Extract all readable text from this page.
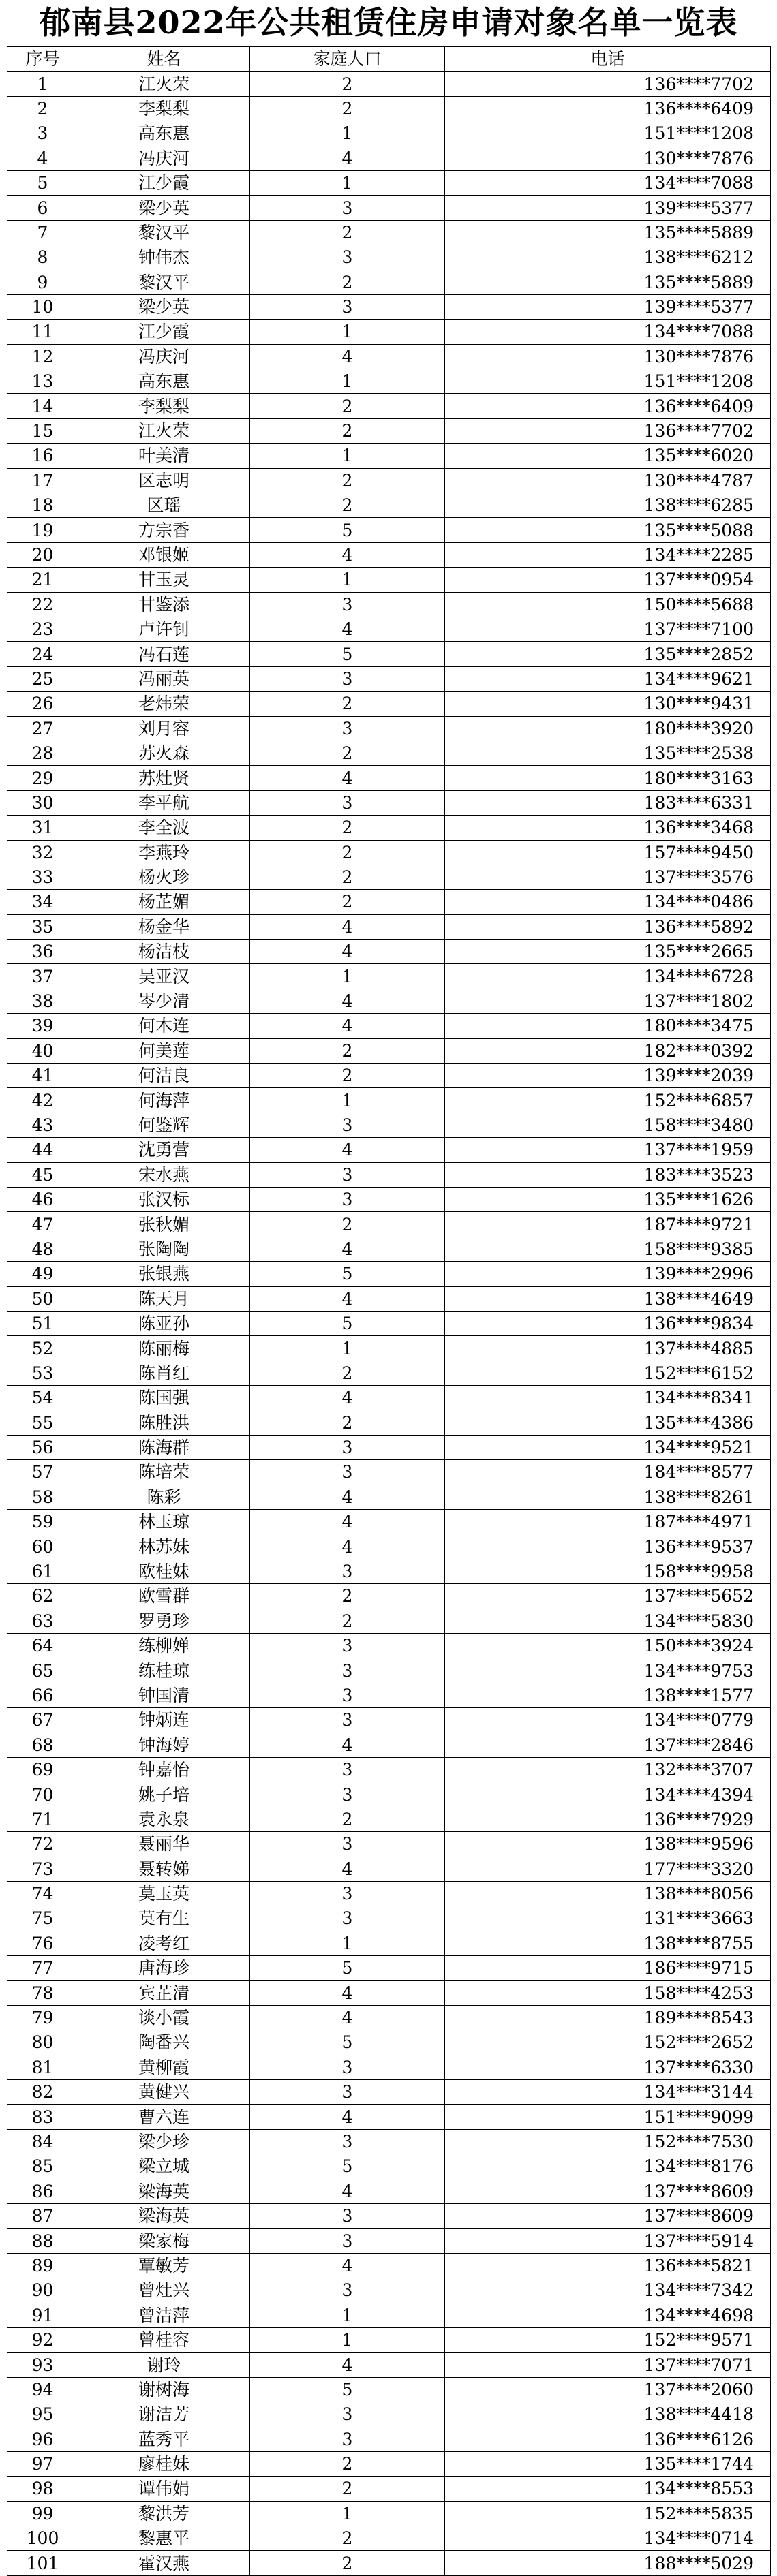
郁南县2022年公共租赁住房申请对象名单一览表
序号	姓名	家庭人口	电话
1	江火荣	2	136****7702
2	李梨梨	2	136****6409
3	高东惠	1	151****1208
4	冯庆河	4	130****7876
5	江少霞	1	134****7088
6	梁少英	3	139****5377
7	黎汉平	2	135****5889
8	钟伟杰	3	138****6212
9	黎汉平	2	135****5889
10	梁少英	3	139****5377
11	江少霞	1	134****7088
12	冯庆河	4	130****7876
13	高东惠	1	151****1208
14	李梨梨	2	136****6409
15	江火荣	2	136****7702
16	叶美清	1	135****6020
17	区志明	2	130****4787
18	区瑶	2	138****6285
19	方宗香	5	135****5088
20	邓银姬	4	134****2285
21	甘玉灵	1	137****0954
22	甘鉴添	3	150****5688
23	卢许钊	4	137****7100
24	冯石莲	5	135****2852
25	冯丽英	3	134****9621
26	老炜荣	2	130****9431
27	刘月容	3	180****3920
28	苏火森	2	135****2538
29	苏灶贤	4	180****3163
30	李平航	3	183****6331
31	李全波	2	136****3468
32	李燕玲	2	157****9450
33	杨火珍	2	137****3576
34	杨芷媚	2	134****0486
35	杨金华	4	136****5892
36	杨洁枝	4	135****2665
37	吴亚汉	1	134****6728
38	岑少清	4	137****1802
39	何木连	4	180****3475
40	何美莲	2	182****0392
41	何洁良	2	139****2039
42	何海萍	1	152****6857
43	何鉴辉	3	158****3480
44	沈勇营	4	137****1959
45	宋水燕	3	183****3523
46	张汉标	3	135****1626
47	张秋媚	2	187****9721
48	张陶陶	4	158****9385
49	张银燕	5	139****2996
50	陈天月	4	138****4649
51	陈亚孙	5	136****9834
52	陈丽梅	1	137****4885
53	陈肖红	2	152****6152
54	陈国强	4	134****8341
55	陈胜洪	2	135****4386
56	陈海群	3	134****9521
57	陈培荣	3	184****8577
58	陈彩	4	138****8261
59	林玉琼	4	187****4971
60	林苏妹	4	136****9537
61	欧桂妹	3	158****9958
62	欧雪群	2	137****5652
63	罗勇珍	2	134****5830
64	练柳婵	3	150****3924
65	练桂琼	3	134****9753
66	钟国清	3	138****1577
67	钟炳连	3	134****0779
68	钟海婷	4	137****2846
69	钟嘉怡	3	132****3707
70	姚子培	3	134****4394
71	袁永泉	2	136****7929
72	聂丽华	3	138****9596
73	聂转娣	4	177****3320
74	莫玉英	3	138****8056
75	莫有生	3	131****3663
76	凌考红	1	138****8755
77	唐海珍	5	186****9715
78	宾芷清	4	158****4253
79	谈小霞	4	189****8543
80	陶番兴	5	152****2652
81	黄柳霞	3	137****6330
82	黄健兴	3	134****3144
83	曹六连	4	151****9099
84	梁少珍	3	152****7530
85	梁立城	5	134****8176
86	梁海英	4	137****8609
87	梁海英	3	137****8609
88	梁家梅	3	137****5914
89	覃敏芳	4	136****5821
90	曾灶兴	3	134****7342
91	曾洁萍	1	134****4698
92	曾桂容	1	152****9571
93	谢玲	4	137****7071
94	谢树海	5	137****2060
95	谢洁芳	3	138****4418
96	蓝秀平	3	136****6126
97	廖桂妹	2	135****1744
98	谭伟娟	2	134****8553
99	黎洪芳	1	152****5835
100	黎惠平	2	134****0714
101	霍汉燕	2	188****5029
